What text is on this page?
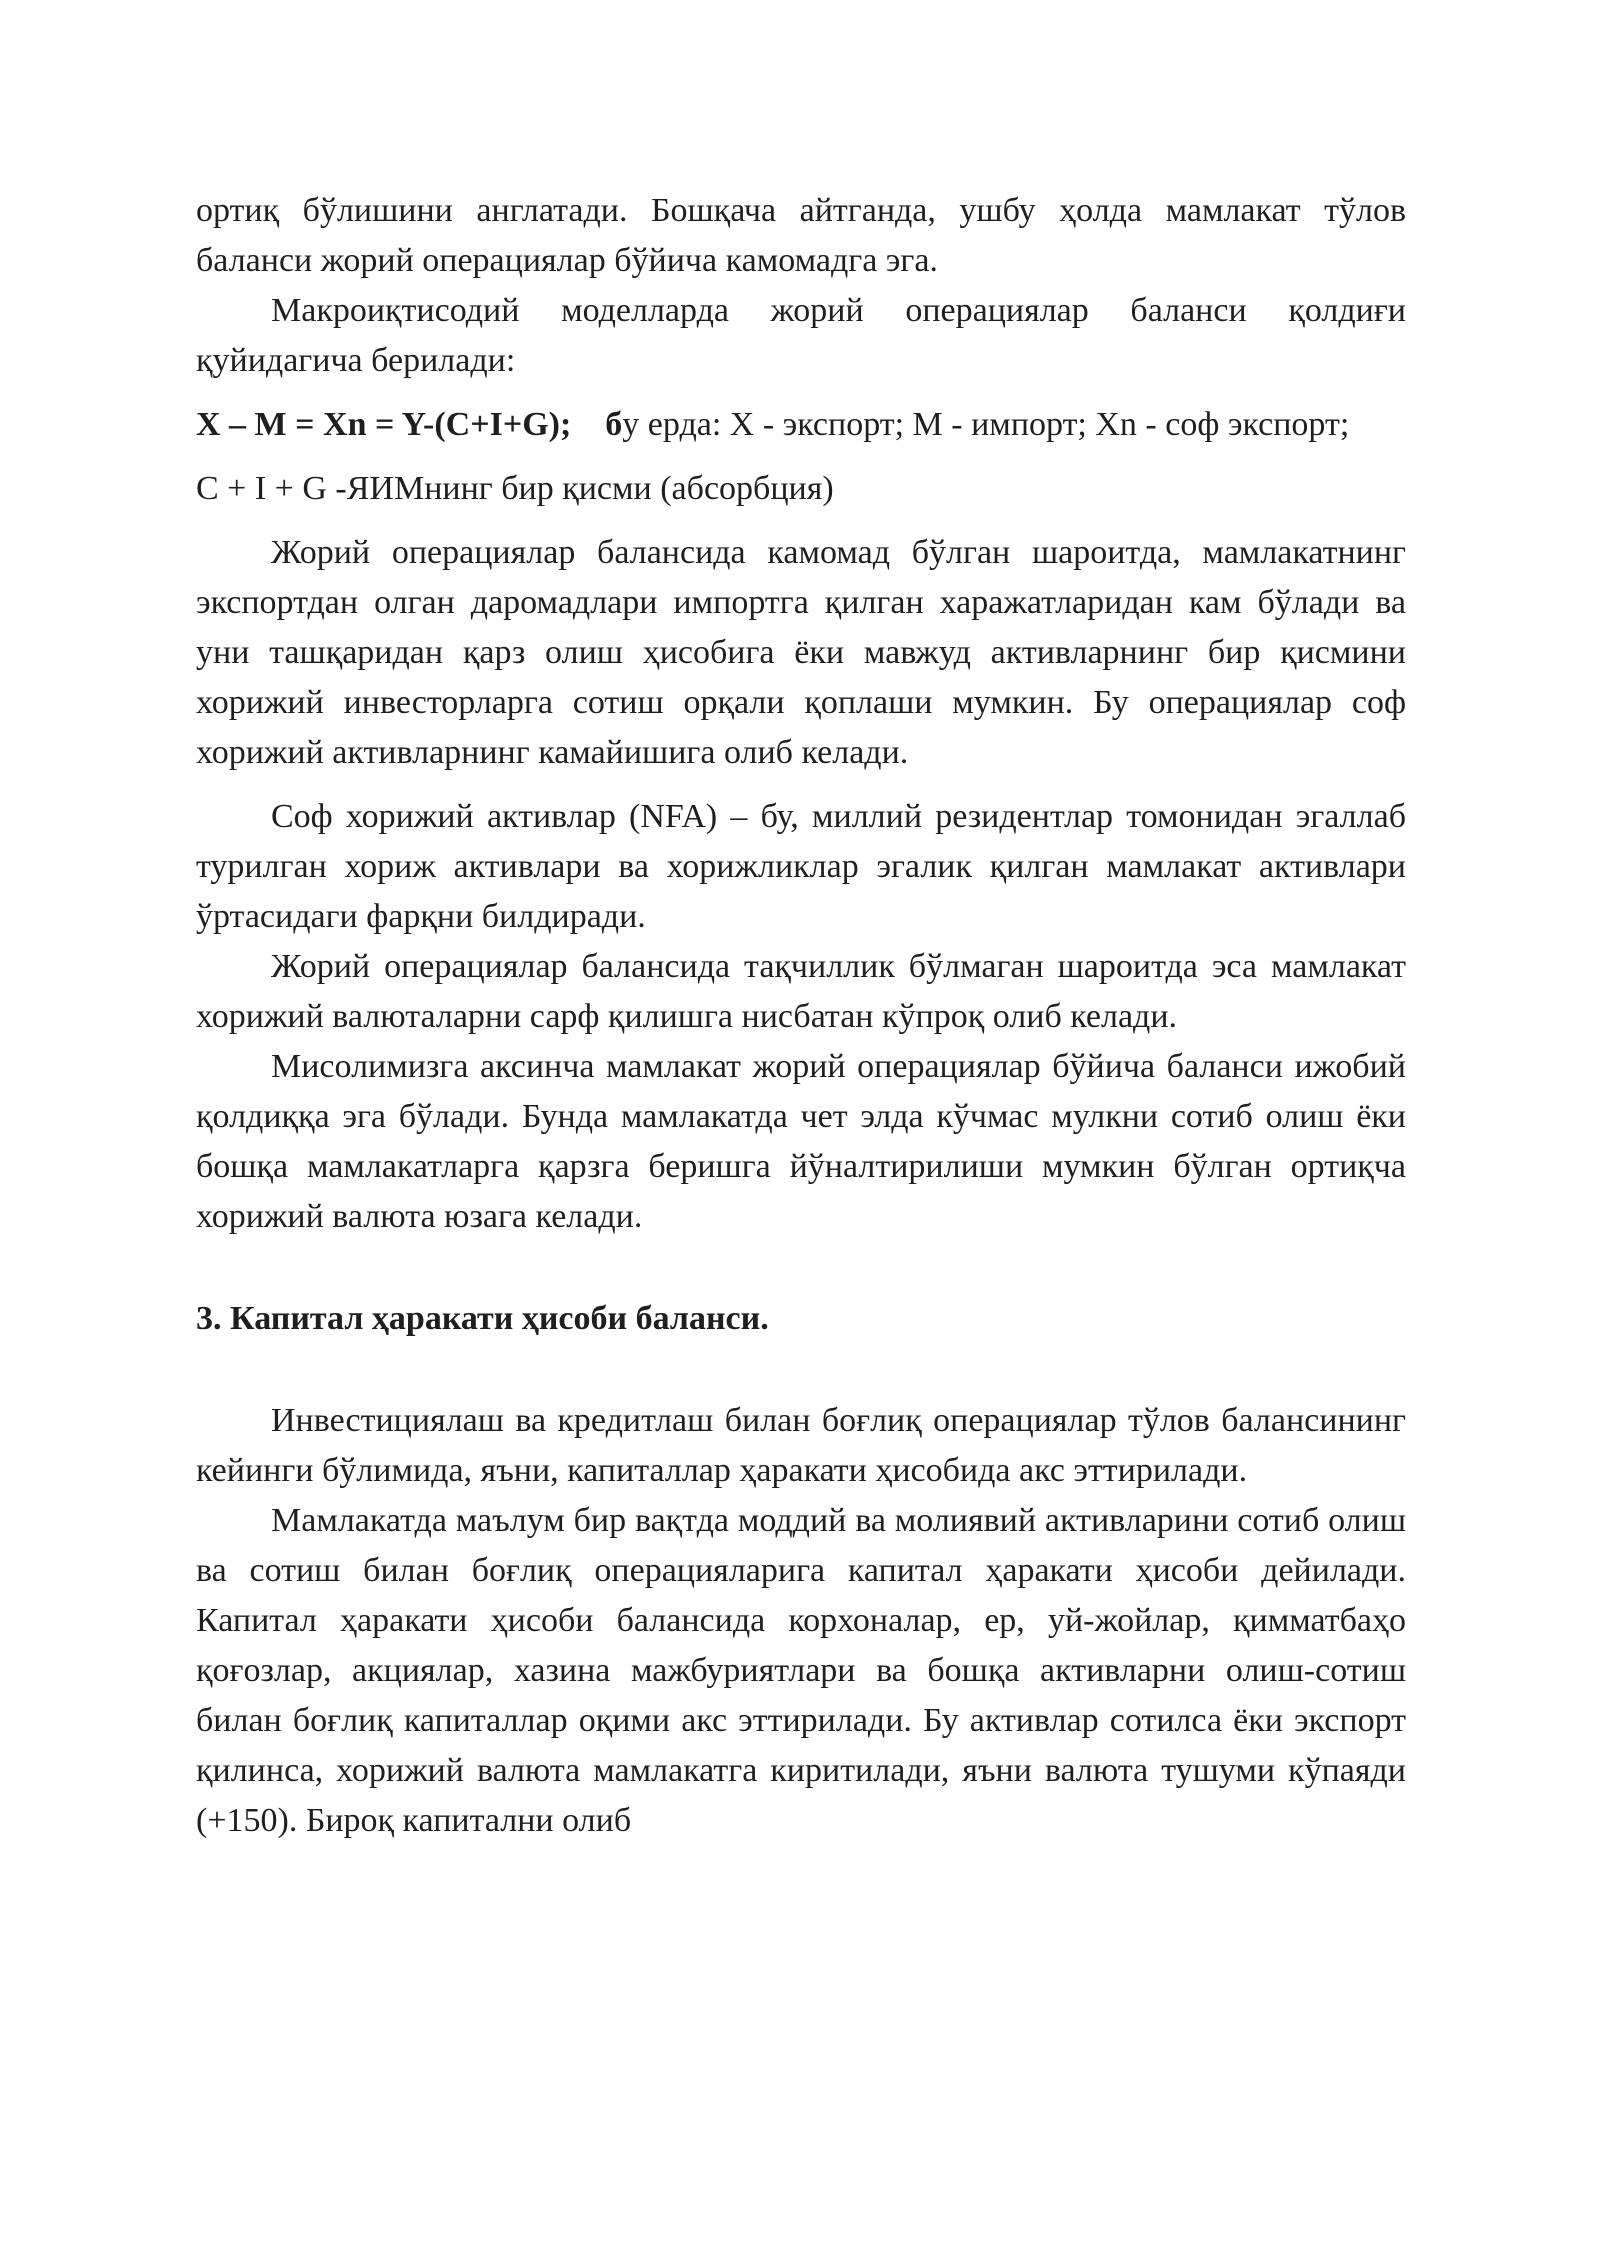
ортиқ бўлишини англатади. Бошқача айтганда, ушбу ҳолда мамлакат тўлов баланси жорий операциялар бўйича камомадга эга.

Макроиқтисодий моделларда жорий операциялар баланси қолдиғи қуйидагича берилади:

X – M = Xn = Y-(C+I+G); бу ерда: X - экспорт; M - импорт; Xn - соф экспорт;

C + I + G -ЯИМнинг бир қисми (абсорбция)

Жорий операциялар балансида камомад бўлган шароитда, мамлакатнинг экспортдан олган даромадлари импортга қилган харажатларидан кам бўлади ва уни ташқаридан қарз олиш ҳисобига ёки мавжуд активларнинг бир қисмини хорижий инвесторларга сотиш орқали қоплаши мумкин. Бу операциялар соф хорижий активларнинг камайишига олиб келади.

Соф хорижий активлар (NFA) – бу, миллий резидентлар томонидан эгаллаб турилган хориж активлари ва хорижликлар эгалик қилган мамлакат активлари ўртасидаги фарқни билдиради.

Жорий операциялар балансида тақчиллик бўлмаган шароитда эса мамлакат хорижий валюталарни сарф қилишга нисбатан кўпроқ олиб келади.

Мисолимизга аксинча мамлакат жорий операциялар бўйича баланси ижобий қолдиққа эга бўлади. Бунда мамлакатда чет элда кўчмас мулкни сотиб олиш ёки бошқа мамлакатларга қарзга беришга йўналтирилиши мумкин бўлган ортиқча хорижий валюта юзага келади.

3. Капитал ҳаракати ҳисоби баланси.

Инвестициялаш ва кредитлаш билан боғлиқ операциялар тўлов балансининг кейинги бўлимида, яъни, капиталлар ҳаракати ҳисобида акс эттирилади.

Мамлакатда маълум бир вақтда моддий ва молиявий активларини сотиб олиш ва сотиш билан боғлиқ операцияларига капитал ҳаракати ҳисоби дейилади. Капитал ҳаракати ҳисоби балансида корхоналар, ер, уй-жойлар, қимматбаҳо қоғозлар, акциялар, хазина мажбуриятлари ва бошқа активларни олиш-сотиш билан боғлиқ капиталлар оқими акс эттирилади. Бу активлар сотилса ёки экспорт қилинса, хорижий валюта мамлакатга киритилади, яъни валюта тушуми кўпаяди (+150). Бироқ капитални олиб
